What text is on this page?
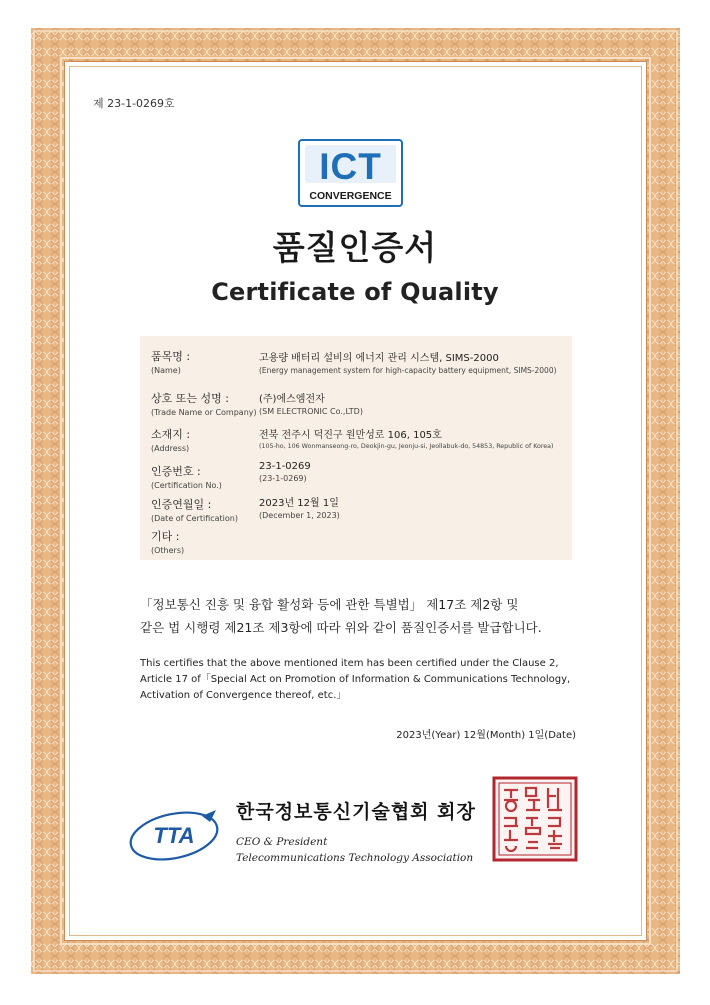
제 23-1-0269호
ICT
CONVERGENCE
품질인증서
Certificate of Quality
품목명 :
(Name)
고용량 배터리 설비의 에너지 관리 시스템, SIMS-2000
(Energy management system for high-capacity battery equipment, SIMS-2000)
상호 또는 성명 :
(Trade Name or Company)
(주)에스엠전자
(SM ELECTRONIC Co.,LTD)
소재지 :
(Address)
전북 전주시 덕진구 원만성로 106, 105호
(105-ho, 106 Wonmanseong-ro, Deokjin-gu, Jeonju-si, Jeollabuk-do, 54853, Republic of Korea)
인증번호 :
(Certification No.)
23-1-0269
(23-1-0269)
인증연월일 :
(Date of Certification)
2023년 12월 1일
(December 1, 2023)
기타 :
(Others)
「정보통신 진흥 및 융합 활성화 등에 관한 특별법」 제17조 제2항 및
같은 법 시행령 제21조 제3항에 따라 위와 같이 품질인증서를 발급합니다.
This certifies that the above mentioned item has been certified under the Clause 2,
Article 17 of「Special Act on Promotion of Information & Communications Technology,
Activation of Convergence thereof, etc.」
2023년(Year) 12월(Month) 1일(Date)
TTA
한국정보통신기술협회 회장
CEO & President
Telecommunications Technology Association
